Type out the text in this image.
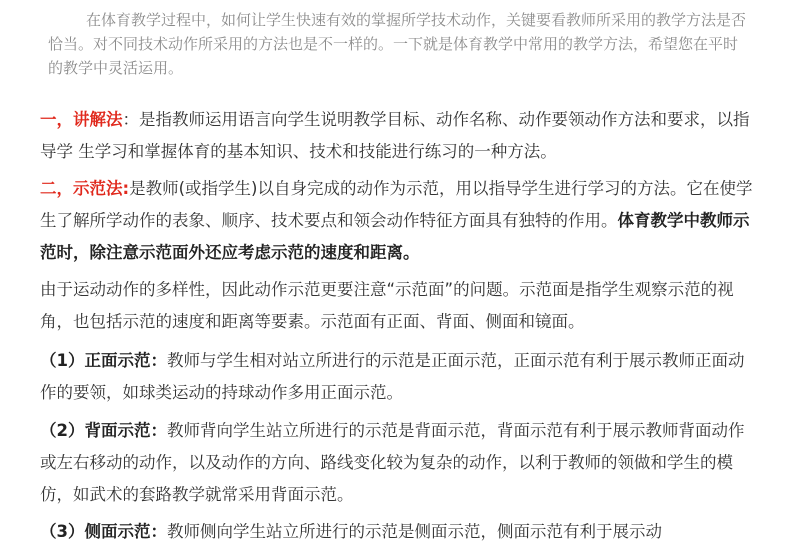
在体育教学过程中，如何让学生快速有效的掌握所学技术动作，关键要看教师所采用的教学方法是否恰当。对不同技术动作所采用的方法也是不一样的。一下就是体育教学中常用的教学方法，希望您在平时的教学中灵活运用。

一，讲解法：是指教师运用语言向学生说明教学目标、动作名称、动作要领动作方法和要求，以指导学 生学习和掌握体育的基本知识、技术和技能进行练习的一种方法。

二，示范法:是教师(或指学生)以自身完成的动作为示范，用以指导学生进行学习的方法。它在使学生了解所学动作的表象、顺序、技术要点和领会动作特征方面具有独特的作用。体育教学中教师示范时，除注意示范面外还应考虑示范的速度和距离。

由于运动动作的多样性，因此动作示范更要注意“示范面”的问题。示范面是指学生观察示范的视角，也包括示范的速度和距离等要素。示范面有正面、背面、侧面和镜面。

（1）正面示范：教师与学生相对站立所进行的示范是正面示范，正面示范有利于展示教师正面动作的要领，如球类运动的持球动作多用正面示范。

（2）背面示范：教师背向学生站立所进行的示范是背面示范，背面示范有利于展示教师背面动作或左右移动的动作，以及动作的方向、路线变化较为复杂的动作，以利于教师的领做和学生的模仿，如武术的套路教学就常采用背面示范。

（3）侧面示范：教师侧向学生站立所进行的示范是侧面示范，侧面示范有利于展示动
